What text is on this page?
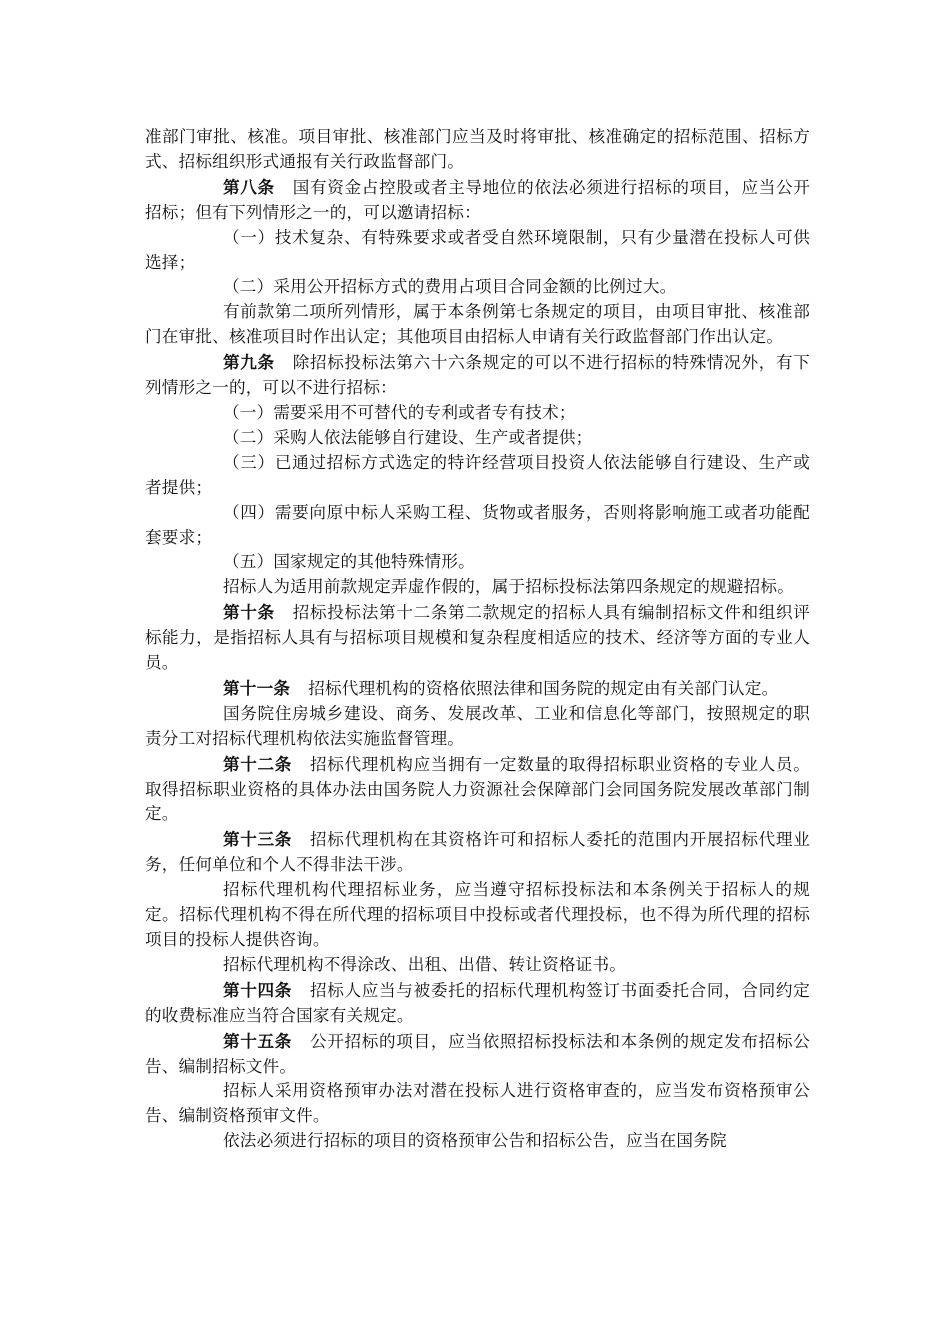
准部门审批、核准。项目审批、核准部门应当及时将审批、核准确定的招标范围、招标方式、招标组织形式通报有关行政监督部门。

第八条 国有资金占控股或者主导地位的依法必须进行招标的项目，应当公开招标；但有下列情形之一的，可以邀请招标：

（一）技术复杂、有特殊要求或者受自然环境限制，只有少量潜在投标人可供选择；

（二）采用公开招标方式的费用占项目合同金额的比例过大。

有前款第二项所列情形，属于本条例第七条规定的项目，由项目审批、核准部门在审批、核准项目时作出认定；其他项目由招标人申请有关行政监督部门作出认定。

第九条 除招标投标法第六十六条规定的可以不进行招标的特殊情况外，有下列情形之一的，可以不进行招标：

（一）需要采用不可替代的专利或者专有技术；

（二）采购人依法能够自行建设、生产或者提供；

（三）已通过招标方式选定的特许经营项目投资人依法能够自行建设、生产或者提供；

（四）需要向原中标人采购工程、货物或者服务，否则将影响施工或者功能配套要求；

（五）国家规定的其他特殊情形。

招标人为适用前款规定弄虚作假的，属于招标投标法第四条规定的规避招标。

第十条 招标投标法第十二条第二款规定的招标人具有编制招标文件和组织评标能力，是指招标人具有与招标项目规模和复杂程度相适应的技术、经济等方面的专业人员。

第十一条 招标代理机构的资格依照法律和国务院的规定由有关部门认定。

国务院住房城乡建设、商务、发展改革、工业和信息化等部门，按照规定的职责分工对招标代理机构依法实施监督管理。

第十二条 招标代理机构应当拥有一定数量的取得招标职业资格的专业人员。取得招标职业资格的具体办法由国务院人力资源社会保障部门会同国务院发展改革部门制定。

第十三条 招标代理机构在其资格许可和招标人委托的范围内开展招标代理业务，任何单位和个人不得非法干涉。

招标代理机构代理招标业务，应当遵守招标投标法和本条例关于招标人的规定。招标代理机构不得在所代理的招标项目中投标或者代理投标，也不得为所代理的招标项目的投标人提供咨询。

招标代理机构不得涂改、出租、出借、转让资格证书。

第十四条 招标人应当与被委托的招标代理机构签订书面委托合同，合同约定的收费标准应当符合国家有关规定。

第十五条 公开招标的项目，应当依照招标投标法和本条例的规定发布招标公告、编制招标文件。

招标人采用资格预审办法对潜在投标人进行资格审查的，应当发布资格预审公告、编制资格预审文件。

依法必须进行招标的项目的资格预审公告和招标公告，应当在国务院
